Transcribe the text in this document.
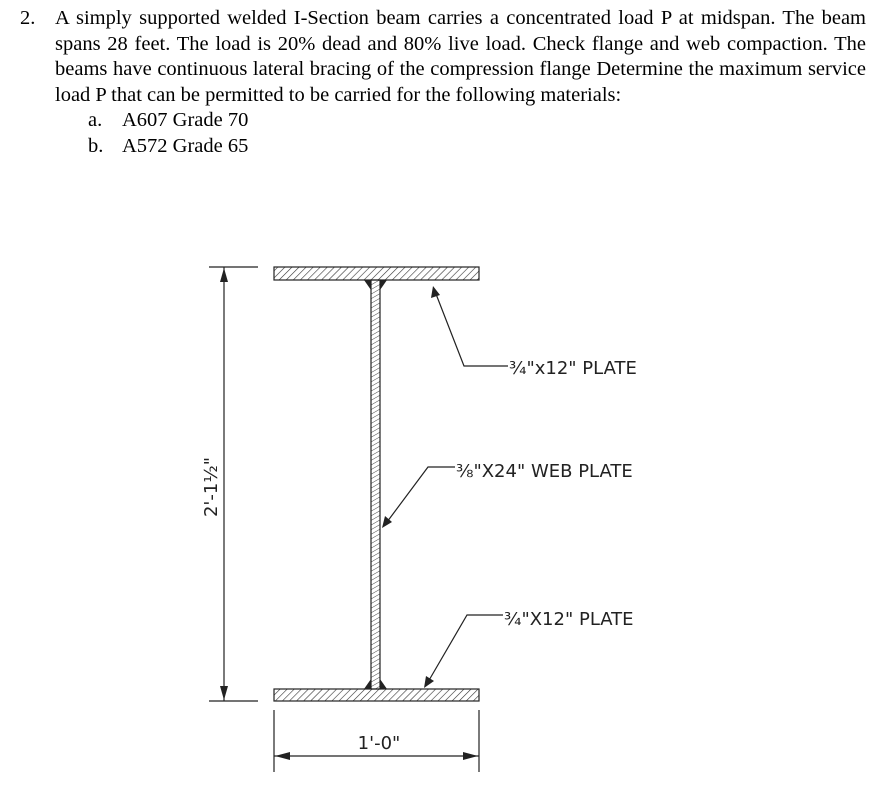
2. A simply supported welded I-Section beam carries a concentrated load P at midspan. The beam spans 28 feet. The load is 20% dead and 80% live load. Check flange and web compaction. The beams have continuous lateral bracing of the compression flange Determine the maximum service load P that can be permitted to be carried for the following materials:
a. A607 Grade 70
b. A572 Grade 65
2'-1½"
1'-0"
¾"x12" PLATE
⅜"X24" WEB PLATE
¾"X12" PLATE
